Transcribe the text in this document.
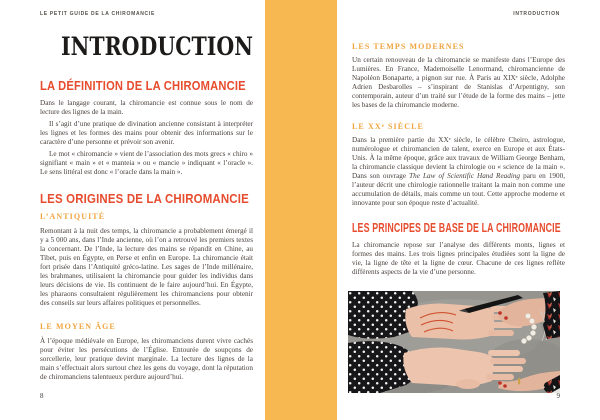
LE PETIT GUIDE DE LA CHIROMANCIE
INTRODUCTION
LA DÉFINITION DE LA CHIROMANCIE

Dans le langage courant, la chiromancie est connue sous le nom de lecture des lignes de la main.

Il s’agit d’une pratique de divination ancienne consistant à interpréter les lignes et les formes des mains pour obtenir des informations sur le caractère d’une personne et prévoir son avenir.

Le mot « chiromancie » vient de l’association des mots grecs « chiro » signifiant « main » et « manteia » ou « mancie » indiquant « l’oracle ». Le sens littéral est donc « l’oracle dans la main ».

LES ORIGINES DE LA CHIROMANCIE
L’ANTIQUITÉ

Remontant à la nuit des temps, la chiromancie a probablement émergé il y a 5 000 ans, dans l’Inde ancienne, où l’on a retrouvé les premiers textes la concernant. De l’Inde, la lecture des mains se répandit en Chine, au Tibet, puis en Égypte, en Perse et enfin en Europe. La chiromancie était fort prisée dans l’Antiquité gréco-latine. Les sages de l’Inde millénaire, les brahmanes, utilisaient la chiromancie pour guider les individus dans leurs décisions de vie. Ils continuent de le faire aujourd’hui. En Égypte, les pharaons consultaient régulièrement les chiromanciens pour obtenir des conseils sur leurs affaires politiques et personnelles.

LE MOYEN ÂGE

À l’époque médiévale en Europe, les chiromanciens durent vivre cachés pour éviter les persécutions de l’Église. Entourée de soupçons de sorcellerie, leur pratique devint marginale. La lecture des lignes de la main s’effectuait alors surtout chez les gens du voyage, dont la réputation de chiromanciens talentueux perdure aujourd’hui.

8
INTRODUCTION
LES TEMPS MODERNES

Un certain renouveau de la chiromancie se manifeste dans l’Europe des Lumières. En France, Mademoiselle Lenormand, chiromancienne de Napoléon Bonaparte, a pignon sur rue. À Paris au XIXᵉ siècle, Adolphe Adrien Desbarolles – s’inspirant de Stanislas d’Arpentigny, son contemporain, auteur d’un traité sur l’étude de la forme des mains – jette les bases de la chiromancie moderne.

LE XXᵉ SIÈCLE

Dans la première partie du XXᵉ siècle, le célèbre Cheiro, astrologue, numérologue et chiromancien de talent, exerce en Europe et aux États-Unis. À la même époque, grâce aux travaux de William George Benham, la chiromancie classique devient la chirologie ou « science de la main ». Dans son ouvrage The Law of Scientific Hand Reading paru en 1900, l’auteur décrit une chirologie rationnelle traitant la main non comme une accumulation de détails, mais comme un tout. Cette approche moderne et innovante pour son époque reste d’actualité.

LES PRINCIPES DE BASE DE LA CHIROMANCIE

La chiromancie repose sur l’analyse des différents monts, lignes et formes des mains. Les trois lignes principales étudiées sont la ligne de vie, la ligne de tête et la ligne de cœur. Chacune de ces lignes reflète différents aspects de la vie d’une personne.

9
